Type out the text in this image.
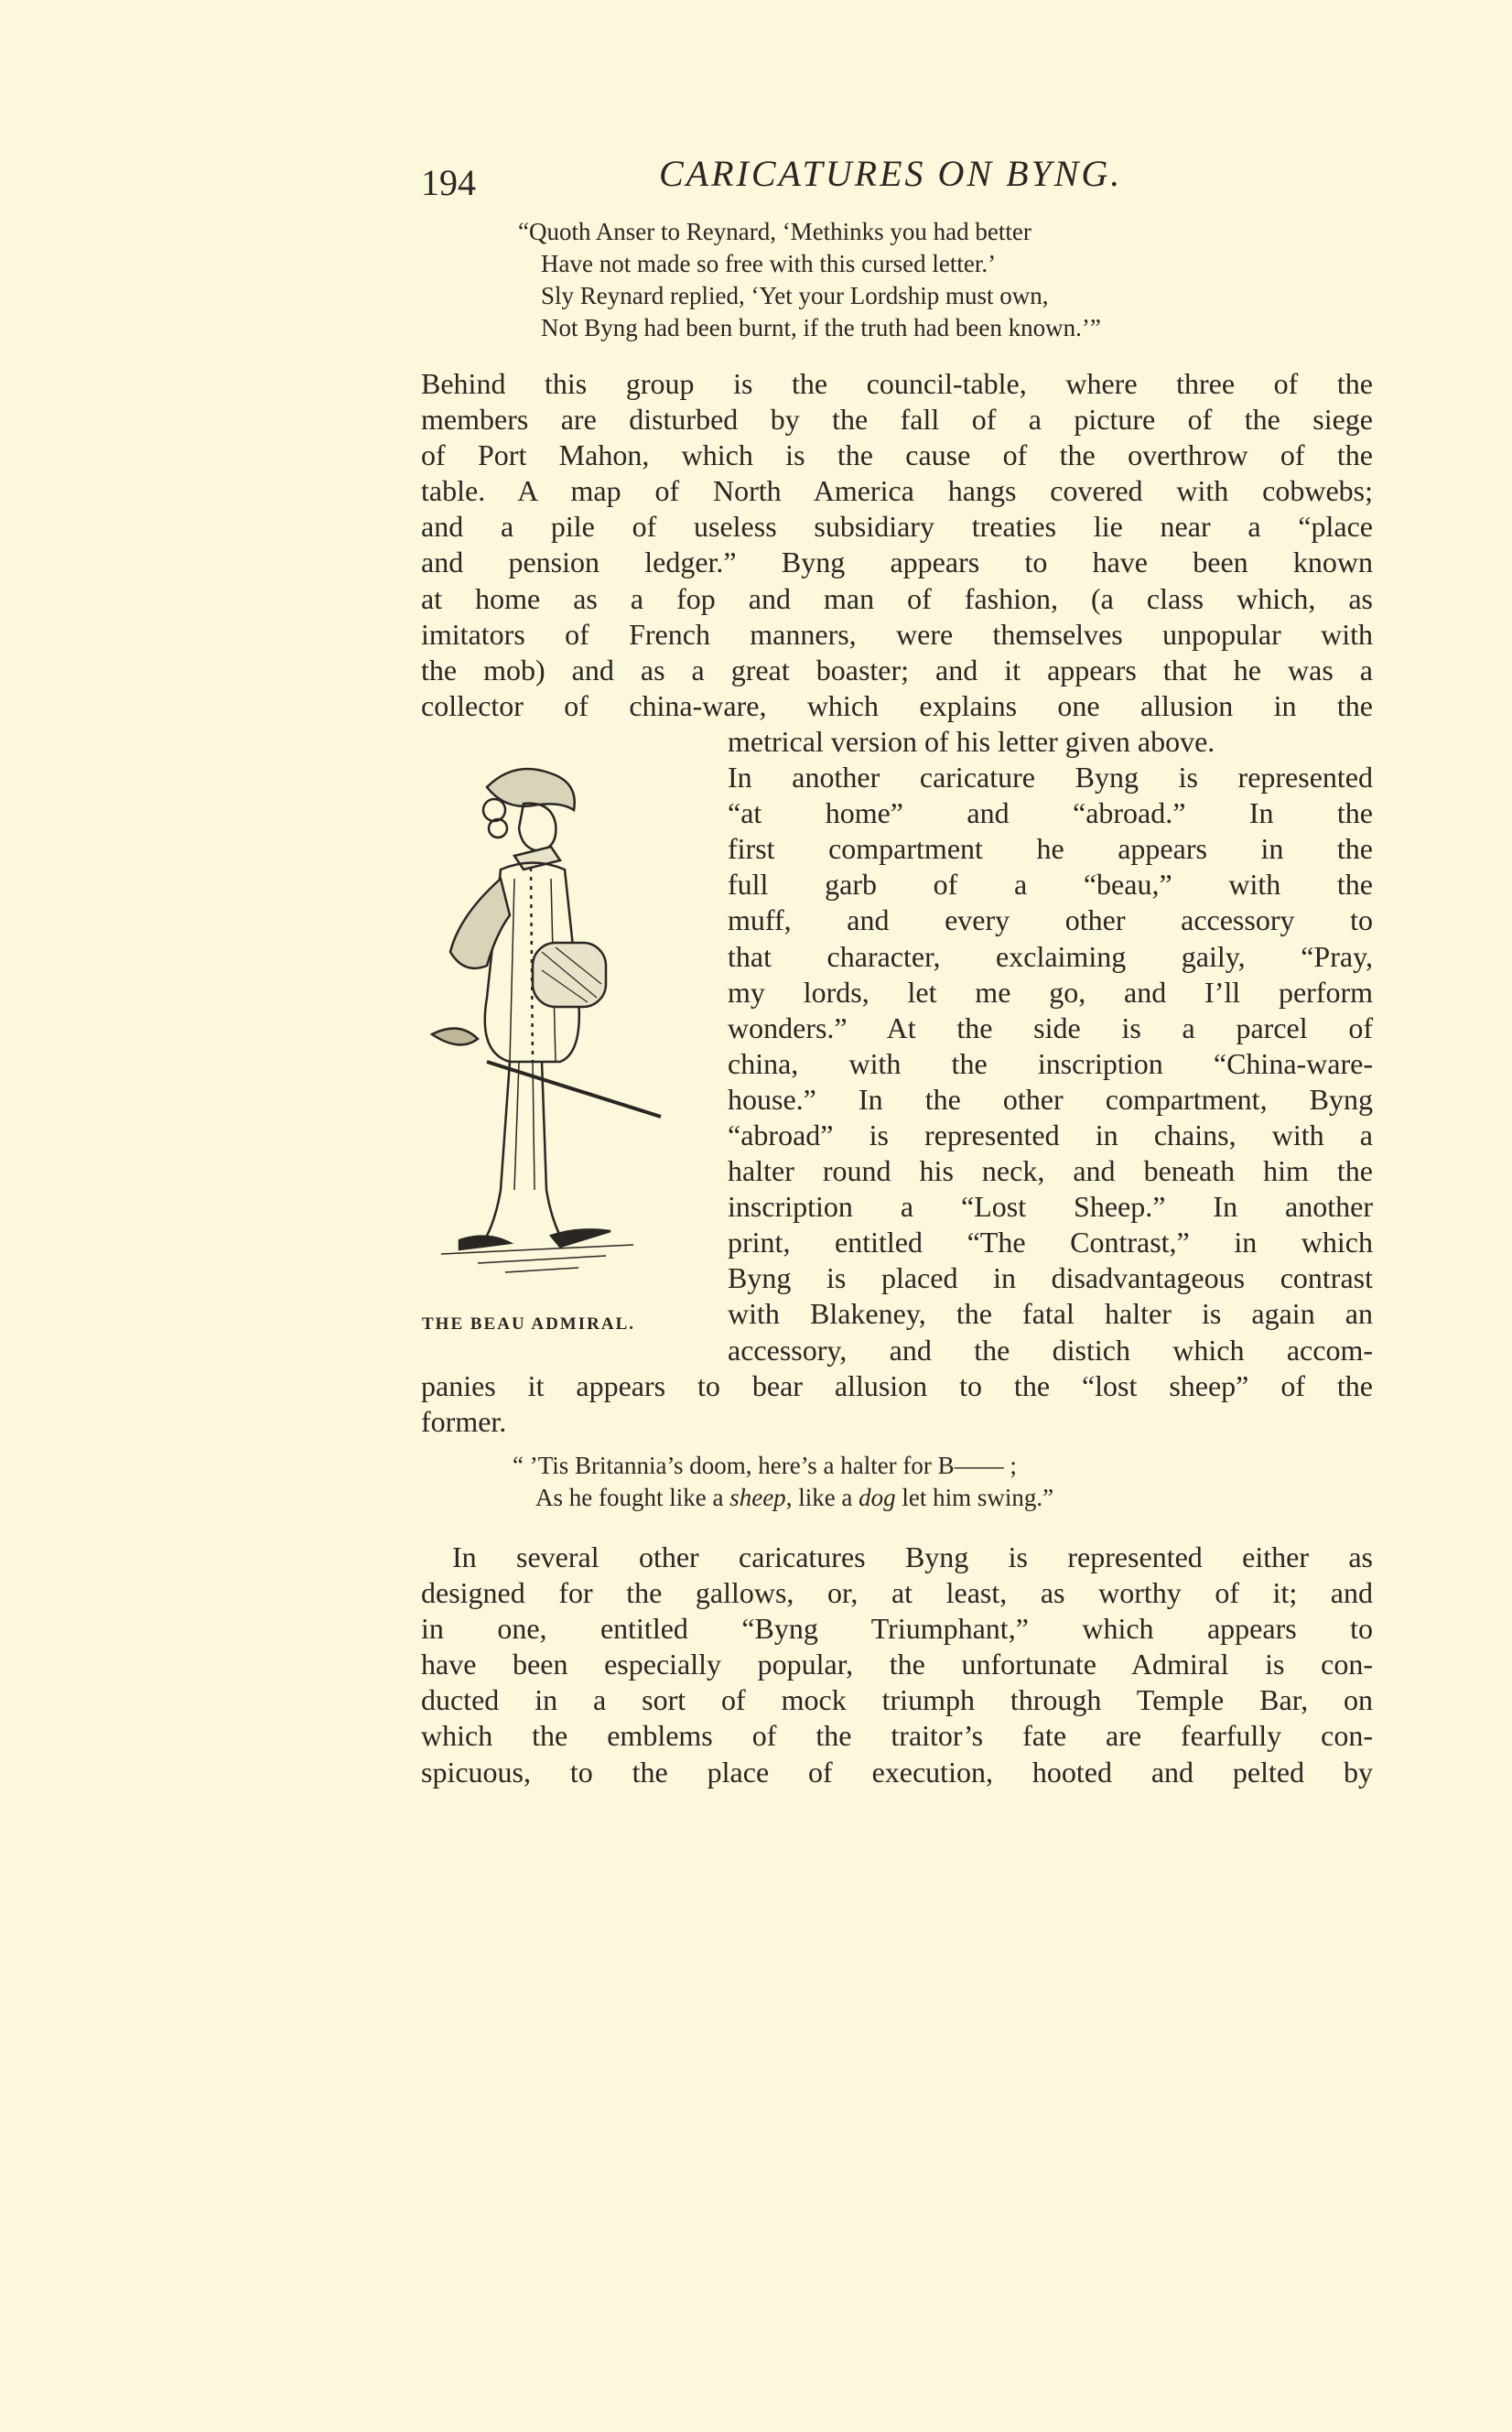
194	CARICATURES ON BYNG.
“Quoth Anser to Reynard, ‘Methinks you had better
Have not made so free with this cursed letter.’
Sly Reynard replied, ‘Yet your Lordship must own,
Not Byng had been burnt, if the truth had been known.’”
Behind this group is the council-table, where three of the
members are disturbed by the fall of a picture of the siege
of Port Mahon, which is the cause of the overthrow of the
table. A map of North America hangs covered with cobwebs;
and a pile of useless subsidiary treaties lie near a “place
and pension ledger.” Byng appears to have been known
at home as a fop and man of fashion, (a class which, as
imitators of French manners, were themselves unpopular with
the mob) and as a great boaster; and it appears that he was a
collector of china-ware, which explains one allusion in the
metrical version of his letter given above.
In another caricature Byng is represented
“at home” and “abroad.” In the
first compartment he appears in the
full garb of a “beau,” with the
muff, and every other accessory to
that character, exclaiming gaily, “Pray,
my lords, let me go, and I’ll perform
wonders.” At the side is a parcel of
china, with the inscription “China-ware-
house.” In the other compartment, Byng
“abroad” is represented in chains, with a
halter round his neck, and beneath him the
inscription a “Lost Sheep.” In another
print, entitled “The Contrast,” in which
Byng is placed in disadvantageous contrast
with Blakeney, the fatal halter is again an
accessory, and the distich which accom-
panies it appears to bear allusion to the “lost sheep” of the
former.
THE BEAU ADMIRAL.
“ ’Tis Britannia’s doom, here’s a halter for B—— ;
As he fought like a sheep, like a dog let him swing.”
In several other caricatures Byng is represented either as
designed for the gallows, or, at least, as worthy of it; and
in one, entitled “Byng Triumphant,” which appears to
have been especially popular, the unfortunate Admiral is con-
ducted in a sort of mock triumph through Temple Bar, on
which the emblems of the traitor’s fate are fearfully con-
spicuous, to the place of execution, hooted and pelted by
